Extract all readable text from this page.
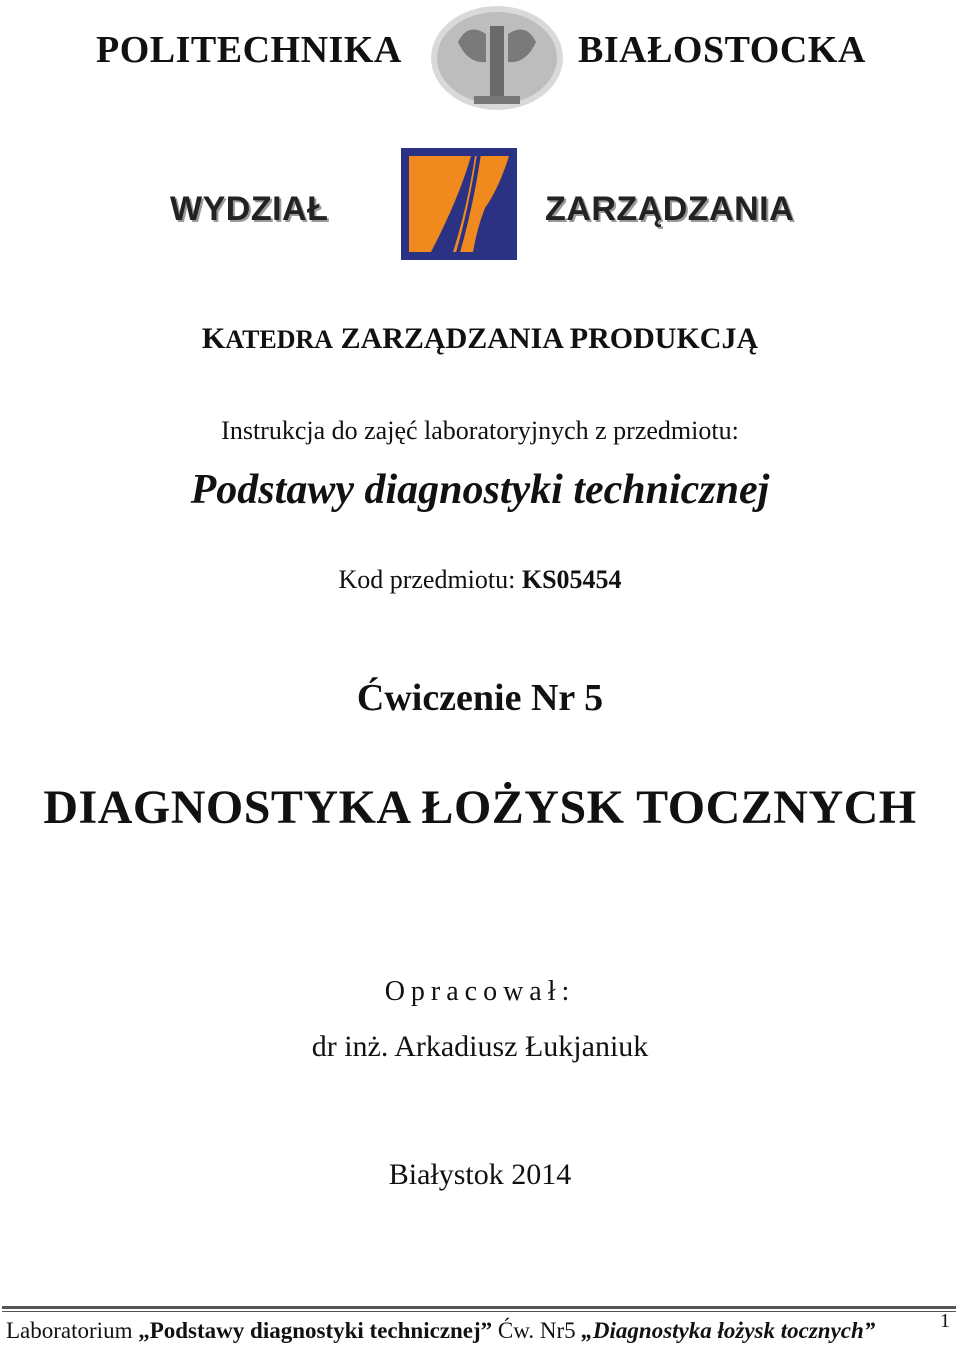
POLITECHNIKA	BIAŁOSTOCKA
WYDZIAŁ	ZARZĄDZANIA
KATEDRA ZARZĄDZANIA PRODUKCJĄ
Instrukcja do zajęć laboratoryjnych z przedmiotu:
Podstawy diagnostyki technicznej
Kod przedmiotu: KS05454
Ćwiczenie Nr 5
DIAGNOSTYKA ŁOŻYSK TOCZNYCH
Opracował:
dr inż. Arkadiusz Łukjaniuk
Białystok 2014
Laboratorium „Podstawy diagnostyki technicznej” Ćw. Nr5 „Diagnostyka łożysk tocznych”	1
